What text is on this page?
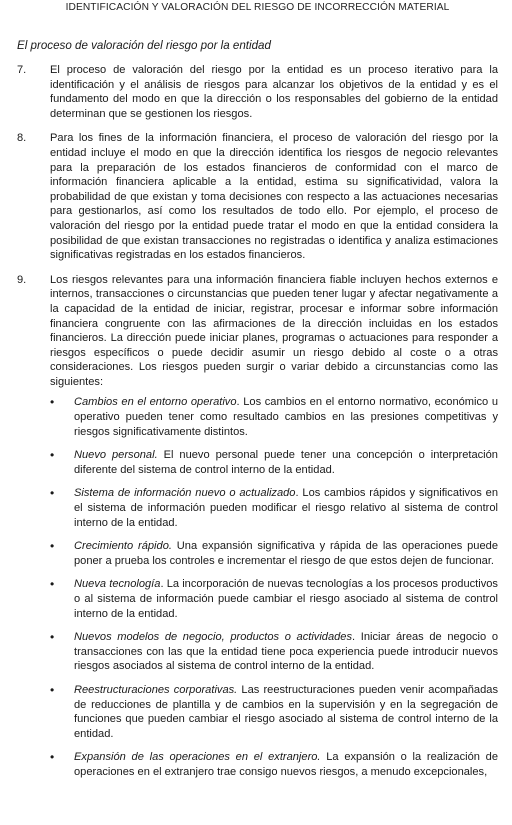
IDENTIFICACIÓN Y VALORACIÓN DEL RIESGO DE INCORRECCIÓN MATERIAL
El proceso de valoración del riesgo por la entidad
7.	El proceso de valoración del riesgo por la entidad es un proceso iterativo para la identificación y el análisis de riesgos para alcanzar los objetivos de la entidad y es el fundamento del modo en que la dirección o los responsables del gobierno de la entidad determinan que se gestionen los riesgos.
8.	Para los fines de la información financiera, el proceso de valoración del riesgo por la entidad incluye el modo en que la dirección identifica los riesgos de negocio relevantes para la preparación de los estados financieros de conformidad con el marco de información financiera aplicable a la entidad, estima su significatividad, valora la probabilidad de que existan y toma decisiones con respecto a las actuaciones necesarias para gestionarlos, así como los resultados de todo ello. Por ejemplo, el proceso de valoración del riesgo por la entidad puede tratar el modo en que la entidad considera la posibilidad de que existan transacciones no registradas o identifica y analiza estimaciones significativas registradas en los estados financieros.
9.	Los riesgos relevantes para una información financiera fiable incluyen hechos externos e internos, transacciones o circunstancias que pueden tener lugar y afectar negativamente a la capacidad de la entidad de iniciar, registrar, procesar e informar sobre información financiera congruente con las afirmaciones de la dirección incluidas en los estados financieros. La dirección puede iniciar planes, programas o actuaciones para responder a riesgos específicos o puede decidir asumir un riesgo debido al coste o a otras consideraciones. Los riesgos pueden surgir o variar debido a circunstancias como las siguientes:
•	Cambios en el entorno operativo. Los cambios en el entorno normativo, económico u operativo pueden tener como resultado cambios en las presiones competitivas y riesgos significativamente distintos.
•	Nuevo personal. El nuevo personal puede tener una concepción o interpretación diferente del sistema de control interno de la entidad.
•	Sistema de información nuevo o actualizado. Los cambios rápidos y significativos en el sistema de información pueden modificar el riesgo relativo al sistema de control interno de la entidad.
•	Crecimiento rápido. Una expansión significativa y rápida de las operaciones puede poner a prueba los controles e incrementar el riesgo de que estos dejen de funcionar.
•	Nueva tecnología. La incorporación de nuevas tecnologías a los procesos productivos o al sistema de información puede cambiar el riesgo asociado al sistema de control interno de la entidad.
•	Nuevos modelos de negocio, productos o actividades. Iniciar áreas de negocio o transacciones con las que la entidad tiene poca experiencia puede introducir nuevos riesgos asociados al sistema de control interno de la entidad.
•	Reestructuraciones corporativas. Las reestructuraciones pueden venir acompañadas de reducciones de plantilla y de cambios en la supervisión y en la segregación de funciones que pueden cambiar el riesgo asociado al sistema de control interno de la entidad.
•	Expansión de las operaciones en el extranjero. La expansión o la realización de operaciones en el extranjero trae consigo nuevos riesgos, a menudo excepcionales,
